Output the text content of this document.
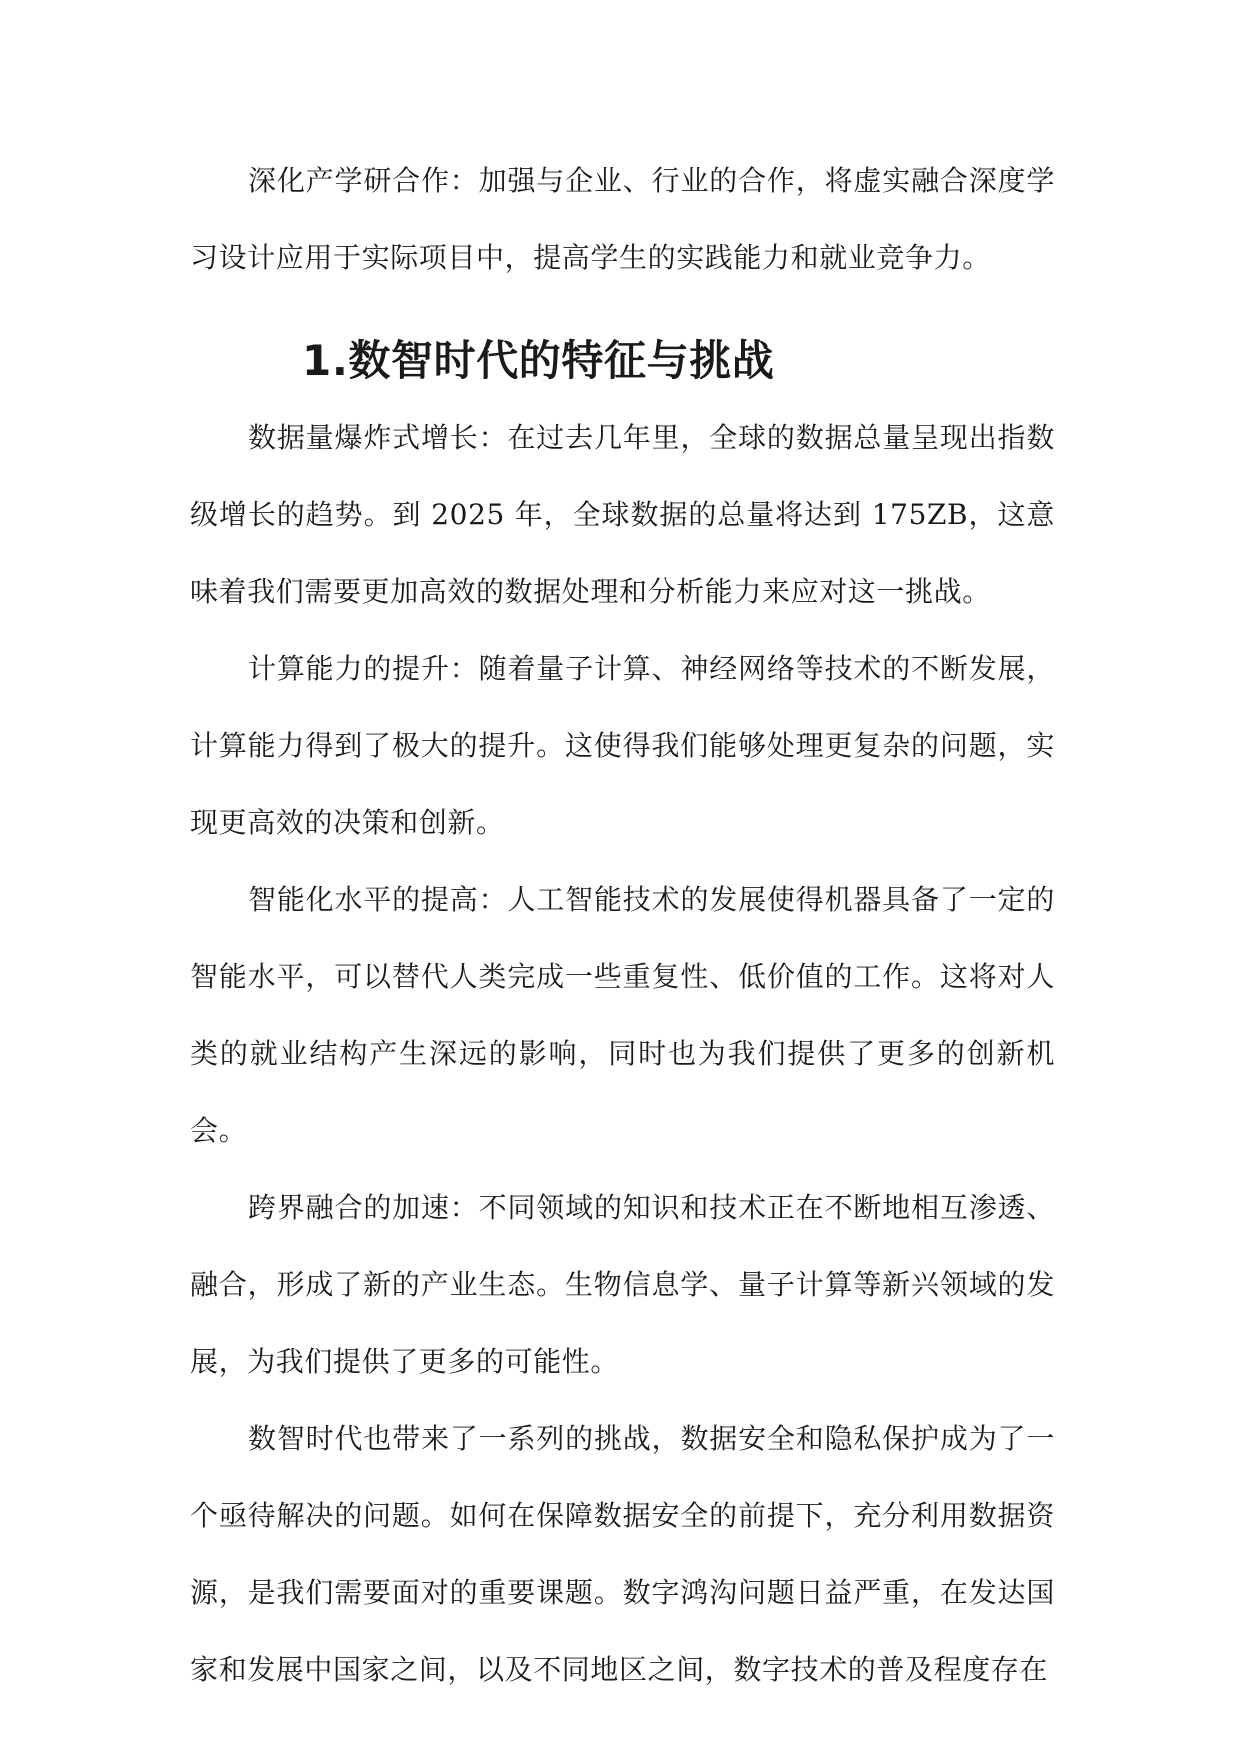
深化产学研合作：加强与企业、行业的合作，将虚实融合深度学习设计应用于实际项目中，提高学生的实践能力和就业竞争力。

1.数智时代的特征与挑战

数据量爆炸式增长：在过去几年里，全球的数据总量呈现出指数级增长的趋势。到 2025 年，全球数据的总量将达到 175ZB，这意味着我们需要更加高效的数据处理和分析能力来应对这一挑战。

计算能力的提升：随着量子计算、神经网络等技术的不断发展，计算能力得到了极大的提升。这使得我们能够处理更复杂的问题，实现更高效的决策和创新。

智能化水平的提高：人工智能技术的发展使得机器具备了一定的智能水平，可以替代人类完成一些重复性、低价值的工作。这将对人类的就业结构产生深远的影响，同时也为我们提供了更多的创新机会。

跨界融合的加速：不同领域的知识和技术正在不断地相互渗透、融合，形成了新的产业生态。生物信息学、量子计算等新兴领域的发展，为我们提供了更多的可能性。

数智时代也带来了一系列的挑战，数据安全和隐私保护成为了一个亟待解决的问题。如何在保障数据安全的前提下，充分利用数据资源，是我们需要面对的重要课题。数字鸿沟问题日益严重，在发达国家和发展中国家之间，以及不同地区之间，数字技术的普及程度存在
